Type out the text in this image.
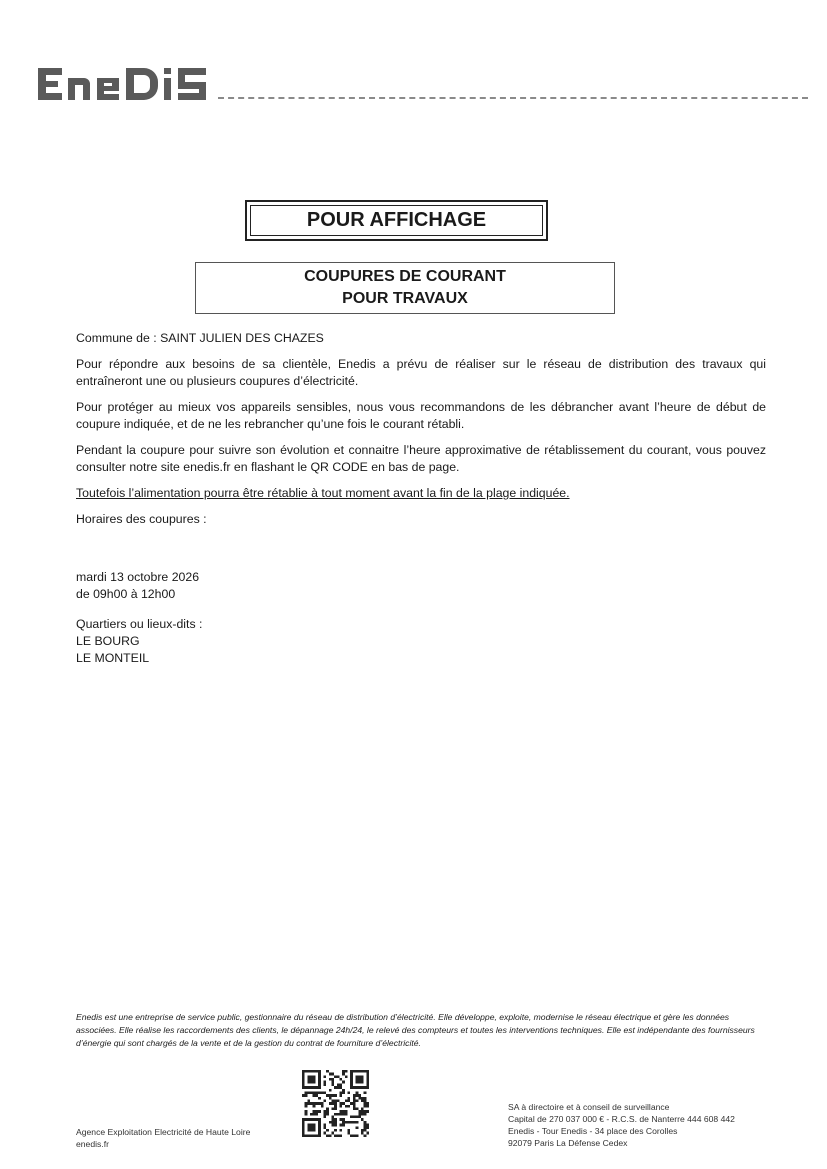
POUR AFFICHAGE
COUPURES DE COURANT
POUR TRAVAUX

Commune de : SAINT JULIEN DES CHAZES

Pour répondre aux besoins de sa clientèle, Enedis a prévu de réaliser sur le réseau de distribution des travaux qui entraîneront une ou plusieurs coupures d’électricité.

Pour protéger au mieux vos appareils sensibles, nous vous recommandons de les débrancher avant l’heure de début de coupure indiquée, et de ne les rebrancher qu’une fois le courant rétabli.

Pendant la coupure pour suivre son évolution et connaitre l’heure approximative de rétablissement du courant, vous pouvez consulter notre site enedis.fr en flashant le QR CODE en bas de page.

Toutefois l’alimentation pourra être rétablie à tout moment avant la fin de la plage indiquée.

Horaires des coupures :

mardi 13 octobre 2026

de 09h00 à 12h00

Quartiers ou lieux-dits :

LE BOURG

LE MONTEIL

Enedis est une entreprise de service public, gestionnaire du réseau de distribution d’électricité. Elle développe, exploite, modernise le réseau électrique et gère les données associées. Elle réalise les raccordements des clients, le dépannage 24h/24, le relevé des compteurs et toutes les interventions techniques. Elle est indépendante des fournisseurs d’énergie qui sont chargés de la vente et de la gestion du contrat de fourniture d’électricité.
Agence Exploitation Electricité de Haute Loire
enedis.fr
SA à directoire et à conseil de surveillance
Capital de 270 037 000 € - R.C.S. de Nanterre 444 608 442
Enedis - Tour Enedis - 34 place des Corolles
92079 Paris La Défense Cedex
